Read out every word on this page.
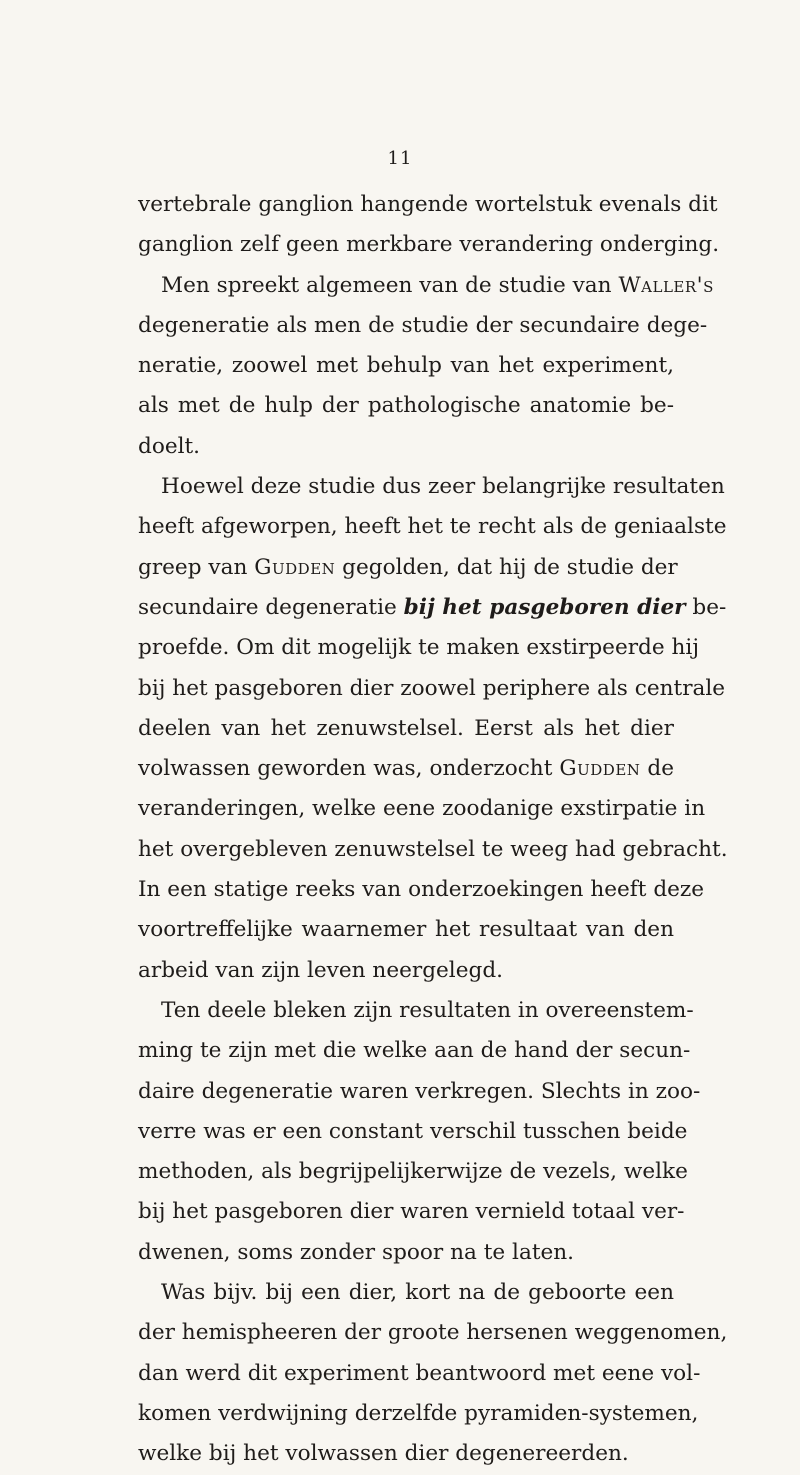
11
vertebrale ganglion hangende wortelstuk evenals dit
ganglion zelf geen merkbare verandering onderging.
Men spreekt algemeen van de studie van Waller's
degeneratie als men de studie der secundaire dege-
neratie, zoowel met behulp van het experiment,
als met de hulp der pathologische anatomie be-
doelt.
Hoewel deze studie dus zeer belangrijke resultaten
heeft afgeworpen, heeft het te recht als de geniaalste
greep van Gudden gegolden, dat hij de studie der
secundaire degeneratie bij het pasgeboren dier be-
proefde. Om dit mogelijk te maken exstirpeerde hij
bij het pasgeboren dier zoowel periphere als centrale
deelen van het zenuwstelsel. Eerst als het dier
volwassen geworden was, onderzocht Gudden de
veranderingen, welke eene zoodanige exstirpatie in
het overgebleven zenuwstelsel te weeg had gebracht.
In een statige reeks van onderzoekingen heeft deze
voortreffelijke waarnemer het resultaat van den
arbeid van zijn leven neergelegd.
Ten deele bleken zijn resultaten in overeenstem-
ming te zijn met die welke aan de hand der secun-
daire degeneratie waren verkregen. Slechts in zoo-
verre was er een constant verschil tusschen beide
methoden, als begrijpelijkerwijze de vezels, welke
bij het pasgeboren dier waren vernield totaal ver-
dwenen, soms zonder spoor na te laten.
Was bijv. bij een dier, kort na de geboorte een
der hemispheeren der groote hersenen weggenomen,
dan werd dit experiment beantwoord met eene vol-
komen verdwijning derzelfde pyramiden-systemen,
welke bij het volwassen dier degenereerden.
